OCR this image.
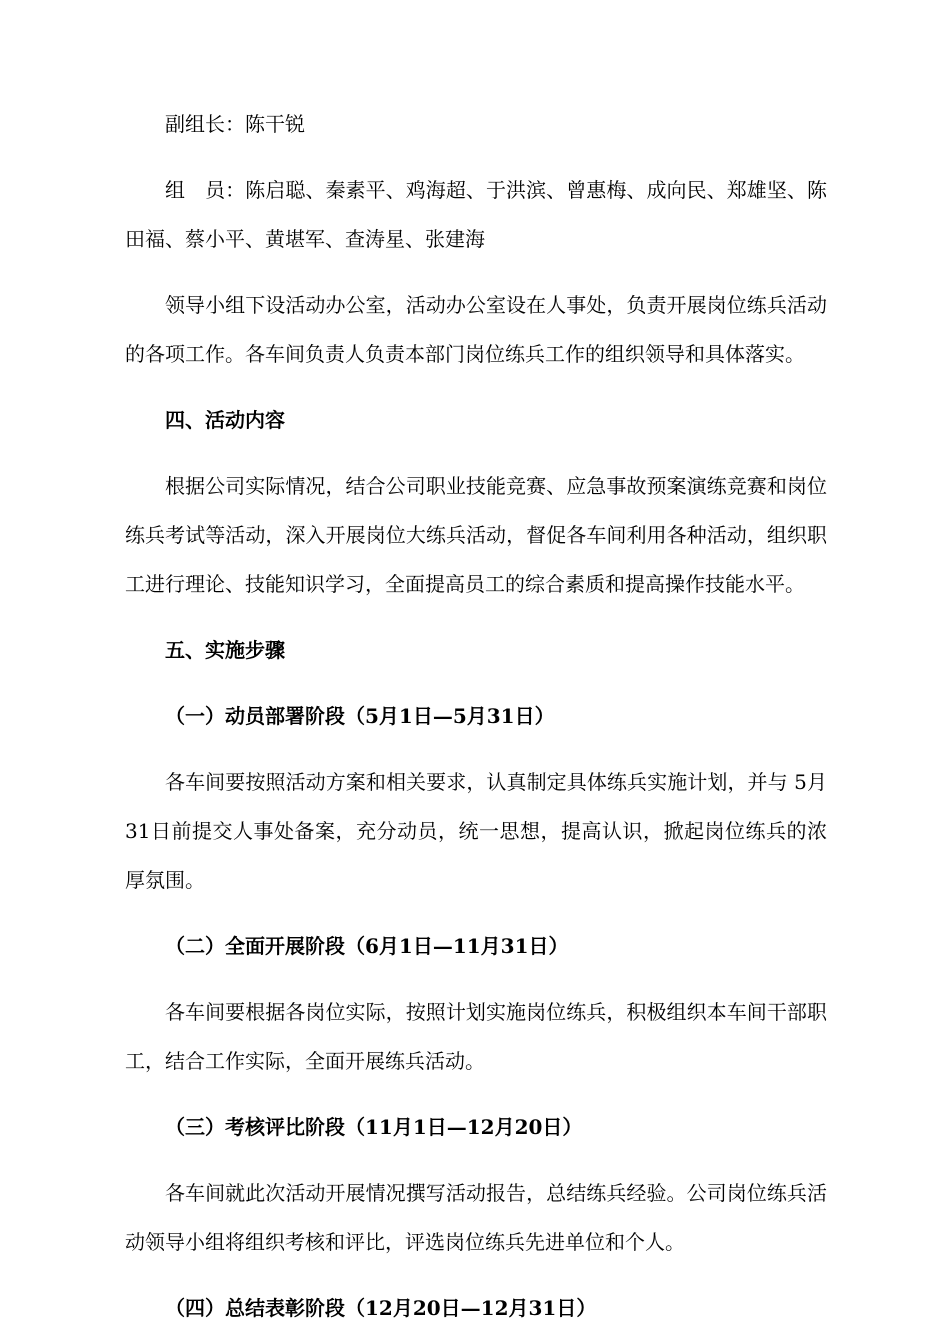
副组长：陈干锐

组　员：陈启聪、秦素平、鸡海超、于洪滨、曾惠梅、成向民、郑雄坚、陈田福、蔡小平、黄堪军、查涛星、张建海

领导小组下设活动办公室，活动办公室设在人事处，负责开展岗位练兵活动的各项工作。各车间负责人负责本部门岗位练兵工作的组织领导和具体落实。

四、活动内容

根据公司实际情况，结合公司职业技能竞赛、应急事故预案演练竞赛和岗位练兵考试等活动，深入开展岗位大练兵活动，督促各车间利用各种活动，组织职工进行理论、技能知识学习，全面提高员工的综合素质和提高操作技能水平。

五、实施步骤

（一）动员部署阶段（5月1日—5月31日）

各车间要按照活动方案和相关要求，认真制定具体练兵实施计划，并与 5月31日前提交人事处备案，充分动员，统一思想，提高认识，掀起岗位练兵的浓厚氛围。

（二）全面开展阶段（6月1日—11月31日）

各车间要根据各岗位实际，按照计划实施岗位练兵，积极组织本车间干部职工，结合工作实际，全面开展练兵活动。

（三）考核评比阶段（11月1日—12月20日）

各车间就此次活动开展情况撰写活动报告，总结练兵经验。公司岗位练兵活动领导小组将组织考核和评比，评选岗位练兵先进单位和个人。

（四）总结表彰阶段（12月20日—12月31日）
